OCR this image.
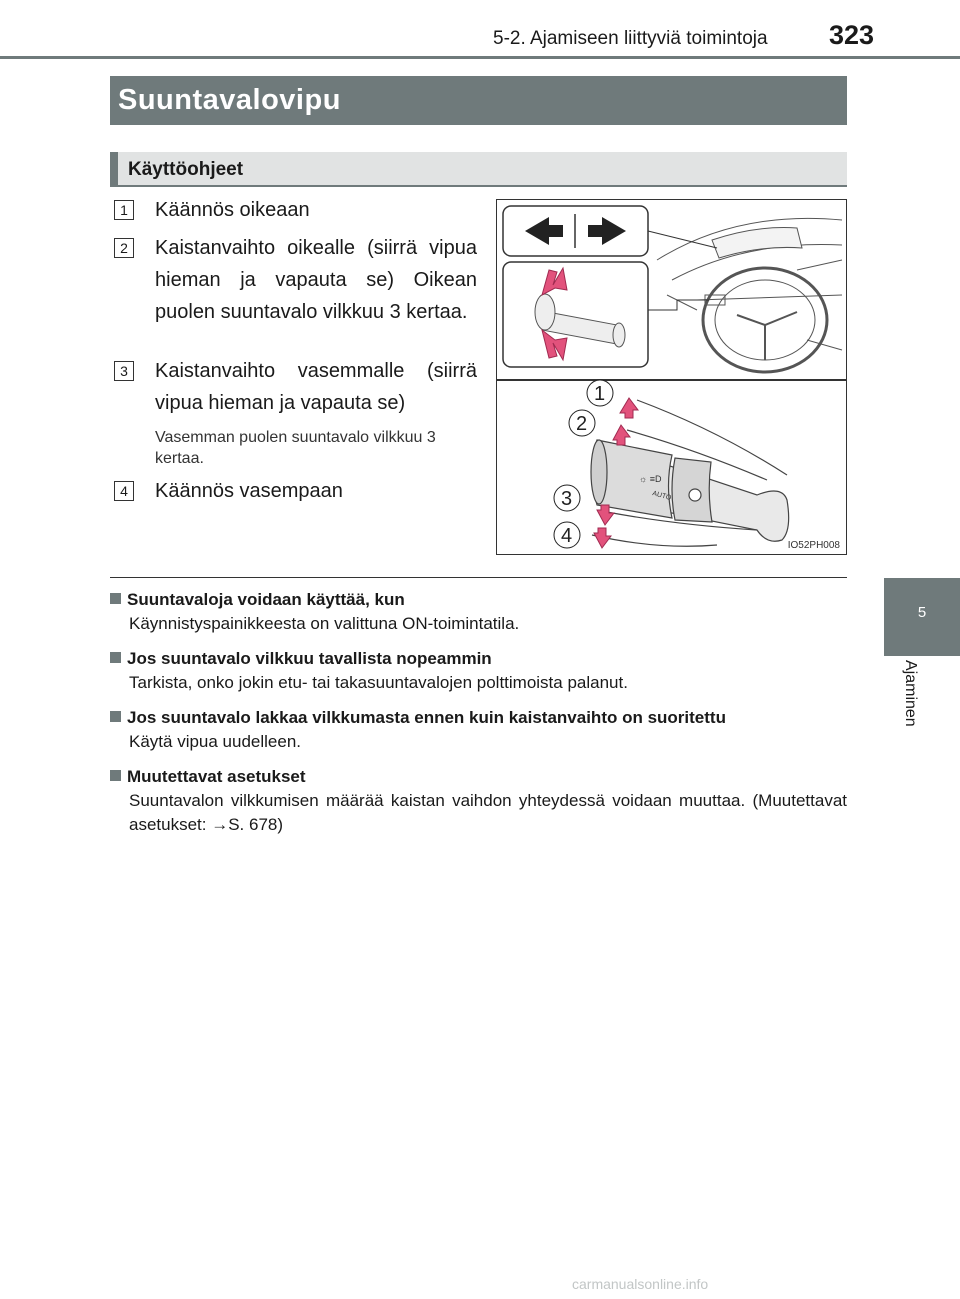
5-2. Ajamiseen liittyviä toimintoja 323
5
Ajaminen
Suuntavalovipu
Käyttöohjeet
1	Käännös oikeaan
2	Kaistanvaihto oikealle (siirrä vipua hieman ja vapauta se) Oikean puolen suuntavalo vilkkuu 3 kertaa.
3	Kaistanvaihto vasemmalle (siirrä vipua hieman ja vapauta se)
Vasemman puolen suuntavalo vilkkuu 3 kertaa.
4	Käännös vasempaan
☼ ≡D
AUTO
1
2
3
4	IO52PH008
Suuntavaloja voidaan käyttää, kun
Käynnistyspainikkeesta on valittuna ON-toimintatila.
Jos suuntavalo vilkkuu tavallista nopeammin
Tarkista, onko jokin etu- tai takasuuntavalojen polttimoista palanut.
Jos suuntavalo lakkaa vilkkumasta ennen kuin kaistanvaihto on suoritettu
Käytä vipua uudelleen.
Muutettavat asetukset
Suuntavalon vilkkumisen määrää kaistan vaihdon yhteydessä voidaan muuttaa. (Muutettavat asetukset: →S. 678)
carmanualsonline.info
